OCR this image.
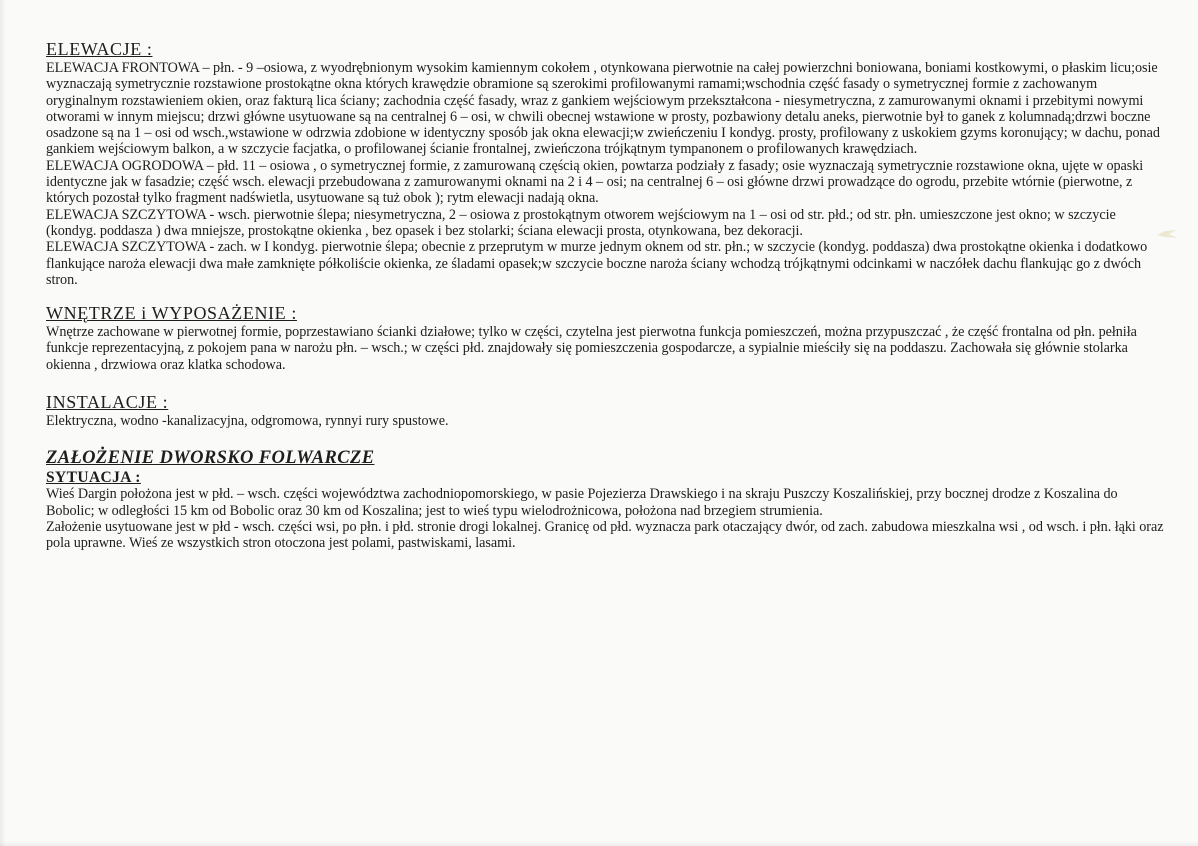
ELEWACJE :

ELEWACJA FRONTOWA – płn. - 9 –osiowa, z wyodrębnionym wysokim kamiennym cokołem , otynkowana pierwotnie na całej powierzchni boniowana, boniami kostkowymi, o płaskim licu;osie wyznaczają symetrycznie rozstawione prostokątne okna których krawędzie obramione są szerokimi profilowanymi ramami;wschodnia część fasady o symetrycznej formie z zachowanym oryginalnym rozstawieniem okien, oraz fakturą lica ściany; zachodnia część fasady, wraz z gankiem wejściowym przekształcona - niesymetryczna, z zamurowanymi oknami i przebitymi nowymi otworami w innym miejscu; drzwi główne usytuowane są na centralnej 6 – osi, w chwili obecnej wstawione w prosty, pozbawiony detalu aneks, pierwotnie był to ganek z kolumnadą;drzwi boczne osadzone są na 1 – osi od wsch.,wstawione w odrzwia zdobione w identyczny sposób jak okna elewacji;w zwieńczeniu I kondyg. prosty, profilowany z uskokiem gzyms koronujący; w dachu, ponad gankiem wejściowym balkon, a w szczycie facjatka, o profilowanej ścianie frontalnej, zwieńczona trójkątnym tympanonem o profilowanych krawędziach.

ELEWACJA OGRODOWA – płd. 11 – osiowa , o symetrycznej formie, z zamurowaną częścią okien, powtarza podziały z fasady; osie wyznaczają symetrycznie rozstawione okna, ujęte w opaski identyczne jak w fasadzie; część wsch. elewacji przebudowana z zamurowanymi oknami na 2 i 4 – osi; na centralnej 6 – osi główne drzwi prowadzące do ogrodu, przebite wtórnie (pierwotne, z których pozostał tylko fragment nadświetla, usytuowane są tuż obok ); rytm elewacji nadają okna.

ELEWACJA SZCZYTOWA - wsch. pierwotnie ślepa; niesymetryczna, 2 – osiowa z prostokątnym otworem wejściowym na 1 – osi od str. płd.; od str. płn. umieszczone jest okno; w szczycie (kondyg. poddasza ) dwa mniejsze, prostokątne okienka , bez opasek i bez stolarki; ściana elewacji prosta, otynkowana, bez dekoracji.

ELEWACJA SZCZYTOWA - zach. w I kondyg. pierwotnie ślepa; obecnie z przeprutym w murze jednym oknem od str. płn.; w szczycie (kondyg. poddasza) dwa prostokątne okienka i dodatkowo flankujące naroża elewacji dwa małe zamknięte półkoliście okienka, ze śladami opasek;w szczycie boczne naroża ściany wchodzą trójkątnymi odcinkami w naczółek dachu flankując go z dwóch stron.

WNĘTRZE i WYPOSAŻENIE :

Wnętrze zachowane w pierwotnej formie, poprzestawiano ścianki działowe; tylko w części, czytelna jest pierwotna funkcja pomieszczeń, można przypuszczać , że część frontalna od płn. pełniła funkcje reprezentacyjną, z pokojem pana w narożu płn. – wsch.; w części płd. znajdowały się pomieszczenia gospodarcze, a sypialnie mieściły się na poddaszu. Zachowała się głównie stolarka okienna , drzwiowa oraz klatka schodowa.

INSTALACJE :

Elektryczna, wodno -kanalizacyjna, odgromowa, rynnyi rury spustowe.

ZAŁOŻENIE DWORSKO FOLWARCZE
SYTUACJA :

Wieś Dargin położona jest w płd. – wsch. części województwa zachodniopomorskiego, w pasie Pojezierza Drawskiego i na skraju Puszczy Koszalińskiej, przy bocznej drodze z Koszalina do Bobolic; w odległości 15 km od Bobolic oraz 30 km od Koszalina; jest to wieś typu wielodrożnicowa, położona nad brzegiem strumienia.

Założenie usytuowane jest w płd - wsch. części wsi, po płn. i płd. stronie drogi lokalnej. Granicę od płd. wyznacza park otaczający dwór, od zach. zabudowa mieszkalna wsi , od wsch. i płn. łąki oraz pola uprawne. Wieś ze wszystkich stron otoczona jest polami, pastwiskami, lasami.
